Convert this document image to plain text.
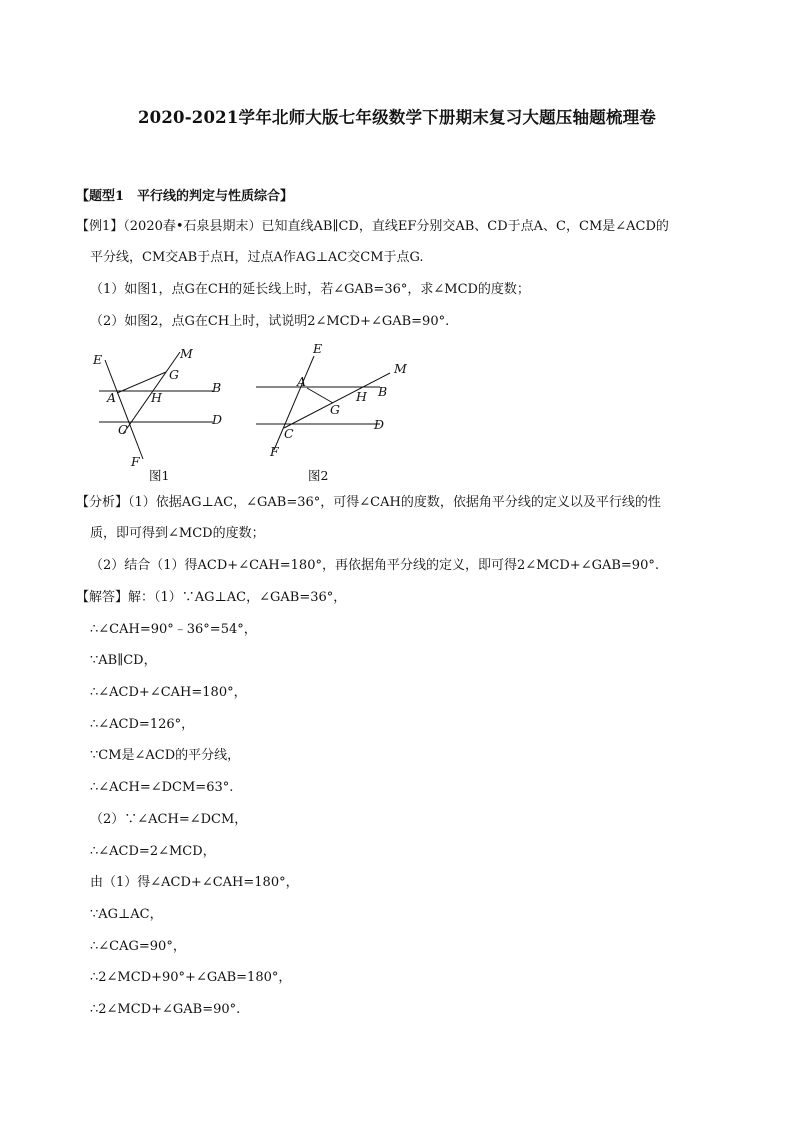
2020-2021学年北师大版七年级数学下册期末复习大题压轴题梳理卷
【题型1　平行线的判定与性质综合】
【例1】（2020春•石泉县期末）已知直线AB∥CD，直线EF分别交AB、CD于点A、C，CM是∠ACD的
平分线，CM交AB于点H，过点A作AG⊥AC交CM于点G.
（1）如图1，点G在CH的延长线上时，若∠GAB=36°，求∠MCD的度数；
（2）如图2，点G在CH上时，试说明2∠MCD+∠GAB=90°.
E	M
G
B
A	H
C
D
F
图1
E
M
A
B
G
H
C
D
F
图2
【分析】（1）依据AG⊥AC，∠GAB=36°，可得∠CAH的度数，依据角平分线的定义以及平行线的性
质，即可得到∠MCD的度数；
（2）结合（1）得ACD+∠CAH=180°，再依据角平分线的定义，即可得2∠MCD+∠GAB=90°.
【解答】解：（1）∵AG⊥AC，∠GAB=36°，
∴∠CAH=90°﹣36°=54°，
∵AB∥CD，
∴∠ACD+∠CAH=180°，
∴∠ACD=126°，
∵CM是∠ACD的平分线，
∴∠ACH=∠DCM=63°.
（2）∵∠ACH=∠DCM，
∴∠ACD=2∠MCD，
由（1）得∠ACD+∠CAH=180°，
∵AG⊥AC，
∴∠CAG=90°，
∴2∠MCD+90°+∠GAB=180°，
∴2∠MCD+∠GAB=90°.
